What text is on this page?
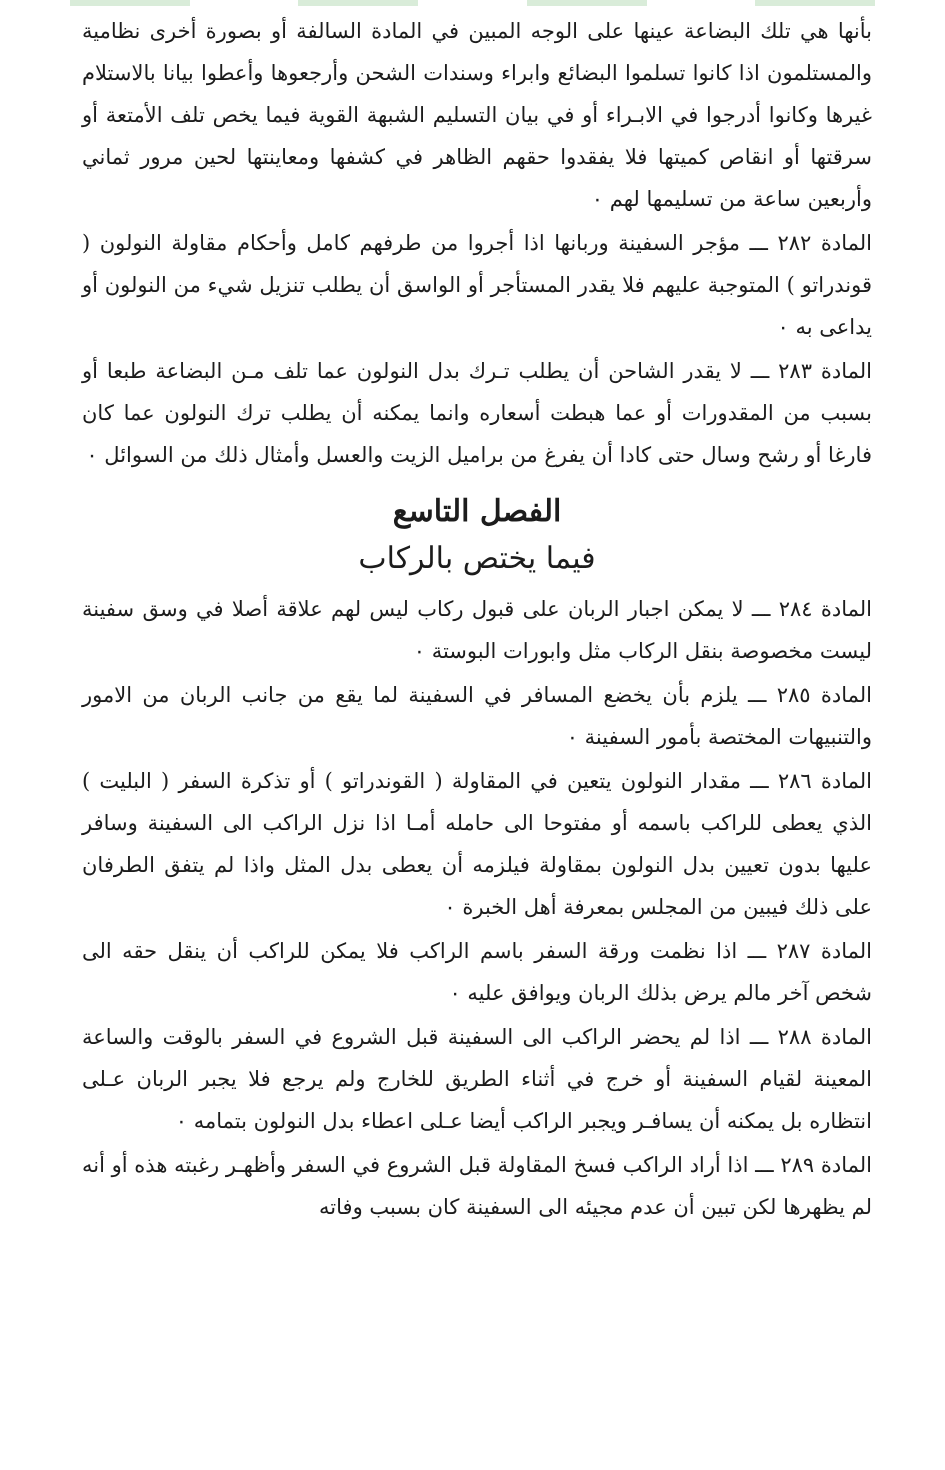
بأنها هي تلك البضاعة عينها على الوجه المبين في المادة السالفة أو بصورة أخرى نظامية والمستلمون اذا كانوا تسلموا البضائع وابراء وسندات الشحن وأرجعوها وأعطوا بيانا بالاستلام غيرها وكانوا أدرجوا في الابـراء أو في بيان التسليم الشبهة القوية فيما يخص تلف الأمتعة أو سرقتها أو انقاص كميتها فلا يفقدوا حقهم الظاهر في كشفها ومعاينتها لحين مرور ثماني وأربعين ساعة من تسليمها لهم ٠

المادة ٢٨٢ ـــ مؤجر السفينة وربانها اذا أجروا من طرفهم كامل وأحكام مقاولة النولون ( قوندراتو ) المتوجبة عليهم فلا يقدر المستأجر أو الواسق أن يطلب تنزيل شيء من النولون أو يداعى به ٠

المادة ٢٨٣ ـــ لا يقدر الشاحن أن يطلب تـرك بدل النولون عما تلف مـن البضاعة طبعا أو بسبب من المقدورات أو عما هبطت أسعاره وانما يمكنه أن يطلب ترك النولون عما كان فارغا أو رشح وسال حتى كادا أن يفرغ من براميل الزيت والعسل وأمثال ذلك من السوائل ٠

الفصل التاسع
فيما يختص بالركاب

المادة ٢٨٤ ـــ لا يمكن اجبار الربان على قبول ركاب ليس لهم علاقة أصلا في وسق سفينة ليست مخصوصة بنقل الركاب مثل وابورات البوستة ٠

المادة ٢٨٥ ـــ يلزم بأن يخضع المسافر في السفينة لما يقع من جانب الربان من الامور والتنبيهات المختصة بأمور السفينة ٠

المادة ٢٨٦ ـــ مقدار النولون يتعين في المقاولة ( القوندراتو ) أو تذكرة السفر ( البليت ) الذي يعطى للراكب باسمه أو مفتوحا الى حامله أمـا اذا نزل الراكب الى السفينة وسافر عليها بدون تعيين بدل النولون بمقاولة فيلزمه أن يعطى بدل المثل واذا لم يتفق الطرفان على ذلك فيبين من المجلس بمعرفة أهل الخبرة ٠

المادة ٢٨٧ ـــ اذا نظمت ورقة السفر باسم الراكب فلا يمكن للراكب أن ينقل حقه الى شخص آخر مالم يرض بذلك الربان ويوافق عليه ٠

المادة ٢٨٨ ـــ اذا لم يحضر الراكب الى السفينة قبل الشروع في السفر بالوقت والساعة المعينة لقيام السفينة أو خرج في أثناء الطريق للخارج ولم يرجع فلا يجبر الربان عـلى انتظاره بل يمكنه أن يسافـر ويجبر الراكب أيضا عـلى اعطاء بدل النولون بتمامه ٠

المادة ٢٨٩ ـــ اذا أراد الراكب فسخ المقاولة قبل الشروع في السفر وأظهـر رغبته هذه أو أنه لم يظهرها لكن تبين أن عدم مجيئه الى السفينة كان بسبب وفاته
